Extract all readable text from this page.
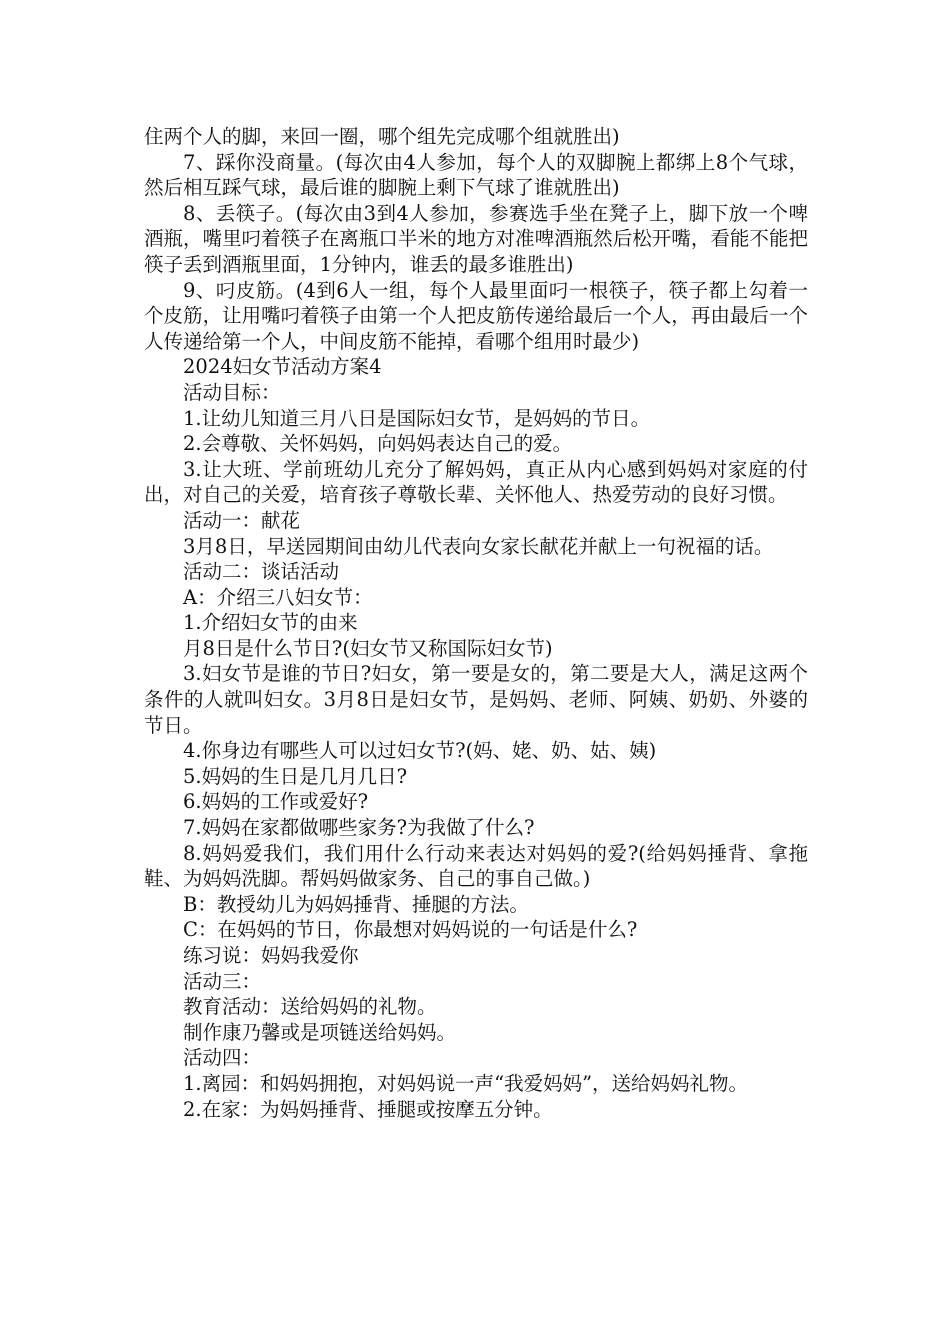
住两个人的脚，来回一圈，哪个组先完成哪个组就胜出)

7、踩你没商量。(每次由4人参加，每个人的双脚腕上都绑上8个气球，然后相互踩气球，最后谁的脚腕上剩下气球了谁就胜出)

8、丢筷子。(每次由3到4人参加，参赛选手坐在凳子上，脚下放一个啤酒瓶，嘴里叼着筷子在离瓶口半米的地方对准啤酒瓶然后松开嘴，看能不能把筷子丢到酒瓶里面，1分钟内，谁丢的最多谁胜出)

9、叼皮筋。(4到6人一组，每个人最里面叼一根筷子，筷子都上勾着一个皮筋，让用嘴叼着筷子由第一个人把皮筋传递给最后一个人，再由最后一个人传递给第一个人，中间皮筋不能掉，看哪个组用时最少)

2024妇女节活动方案4

活动目标：

1.让幼儿知道三月八日是国际妇女节，是妈妈的节日。

2.会尊敬、关怀妈妈，向妈妈表达自己的爱。

3.让大班、学前班幼儿充分了解妈妈，真正从内心感到妈妈对家庭的付出，对自己的关爱，培育孩子尊敬长辈、关怀他人、热爱劳动的良好习惯。

活动一：献花

3月8日，早送园期间由幼儿代表向女家长献花并献上一句祝福的话。

活动二：谈话活动

A：介绍三八妇女节：

1.介绍妇女节的由来

月8日是什么节日?(妇女节又称国际妇女节)

3.妇女节是谁的节日?妇女，第一要是女的，第二要是大人，满足这两个条件的人就叫妇女。3月8日是妇女节，是妈妈、老师、阿姨、奶奶、外婆的节日。

4.你身边有哪些人可以过妇女节?(妈、姥、奶、姑、姨)

5.妈妈的生日是几月几日?

6.妈妈的工作或爱好?

7.妈妈在家都做哪些家务?为我做了什么?

8.妈妈爱我们，我们用什么行动来表达对妈妈的爱?(给妈妈捶背、拿拖鞋、为妈妈洗脚。帮妈妈做家务、自己的事自己做。)

B：教授幼儿为妈妈捶背、捶腿的方法。

C：在妈妈的节日，你最想对妈妈说的一句话是什么?

练习说：妈妈我爱你

活动三：

教育活动：送给妈妈的礼物。

制作康乃馨或是项链送给妈妈。

活动四：

1.离园：和妈妈拥抱，对妈妈说一声“我爱妈妈”，送给妈妈礼物。

2.在家：为妈妈捶背、捶腿或按摩五分钟。
